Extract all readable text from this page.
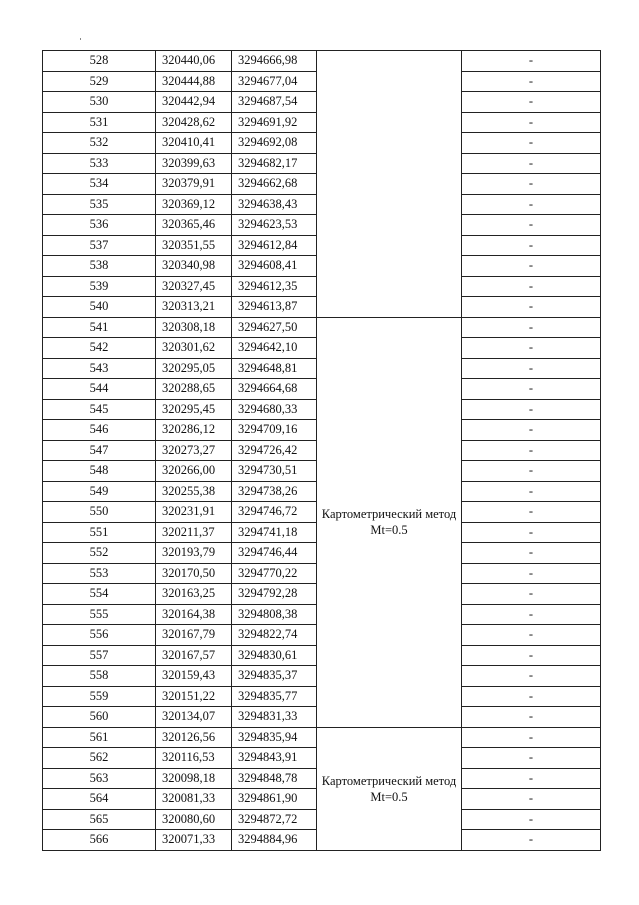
528	320440,06	3294666,98		-
529	320444,88	3294677,04		-
530	320442,94	3294687,54		-
531	320428,62	3294691,92		-
532	320410,41	3294692,08		-
533	320399,63	3294682,17		-
534	320379,91	3294662,68		-
535	320369,12	3294638,43		-
536	320365,46	3294623,53		-
537	320351,55	3294612,84		-
538	320340,98	3294608,41		-
539	320327,45	3294612,35		-
540	320313,21	3294613,87		-
541	320308,18	3294627,50	Картометрический метод Mt=0.5	-
542	320301,62	3294642,10		-
543	320295,05	3294648,81		-
544	320288,65	3294664,68		-
545	320295,45	3294680,33		-
546	320286,12	3294709,16		-
547	320273,27	3294726,42		-
548	320266,00	3294730,51		-
549	320255,38	3294738,26		-
550	320231,91	3294746,72		-
551	320211,37	3294741,18		-
552	320193,79	3294746,44		-
553	320170,50	3294770,22		-
554	320163,25	3294792,28		-
555	320164,38	3294808,38		-
556	320167,79	3294822,74		-
557	320167,57	3294830,61		-
558	320159,43	3294835,37		-
559	320151,22	3294835,77		-
560	320134,07	3294831,33		-
561	320126,56	3294835,94	Картометрический метод Mt=0.5	-
562	320116,53	3294843,91		-
563	320098,18	3294848,78		-
564	320081,33	3294861,90		-
565	320080,60	3294872,72		-
566	320071,33	3294884,96		-
